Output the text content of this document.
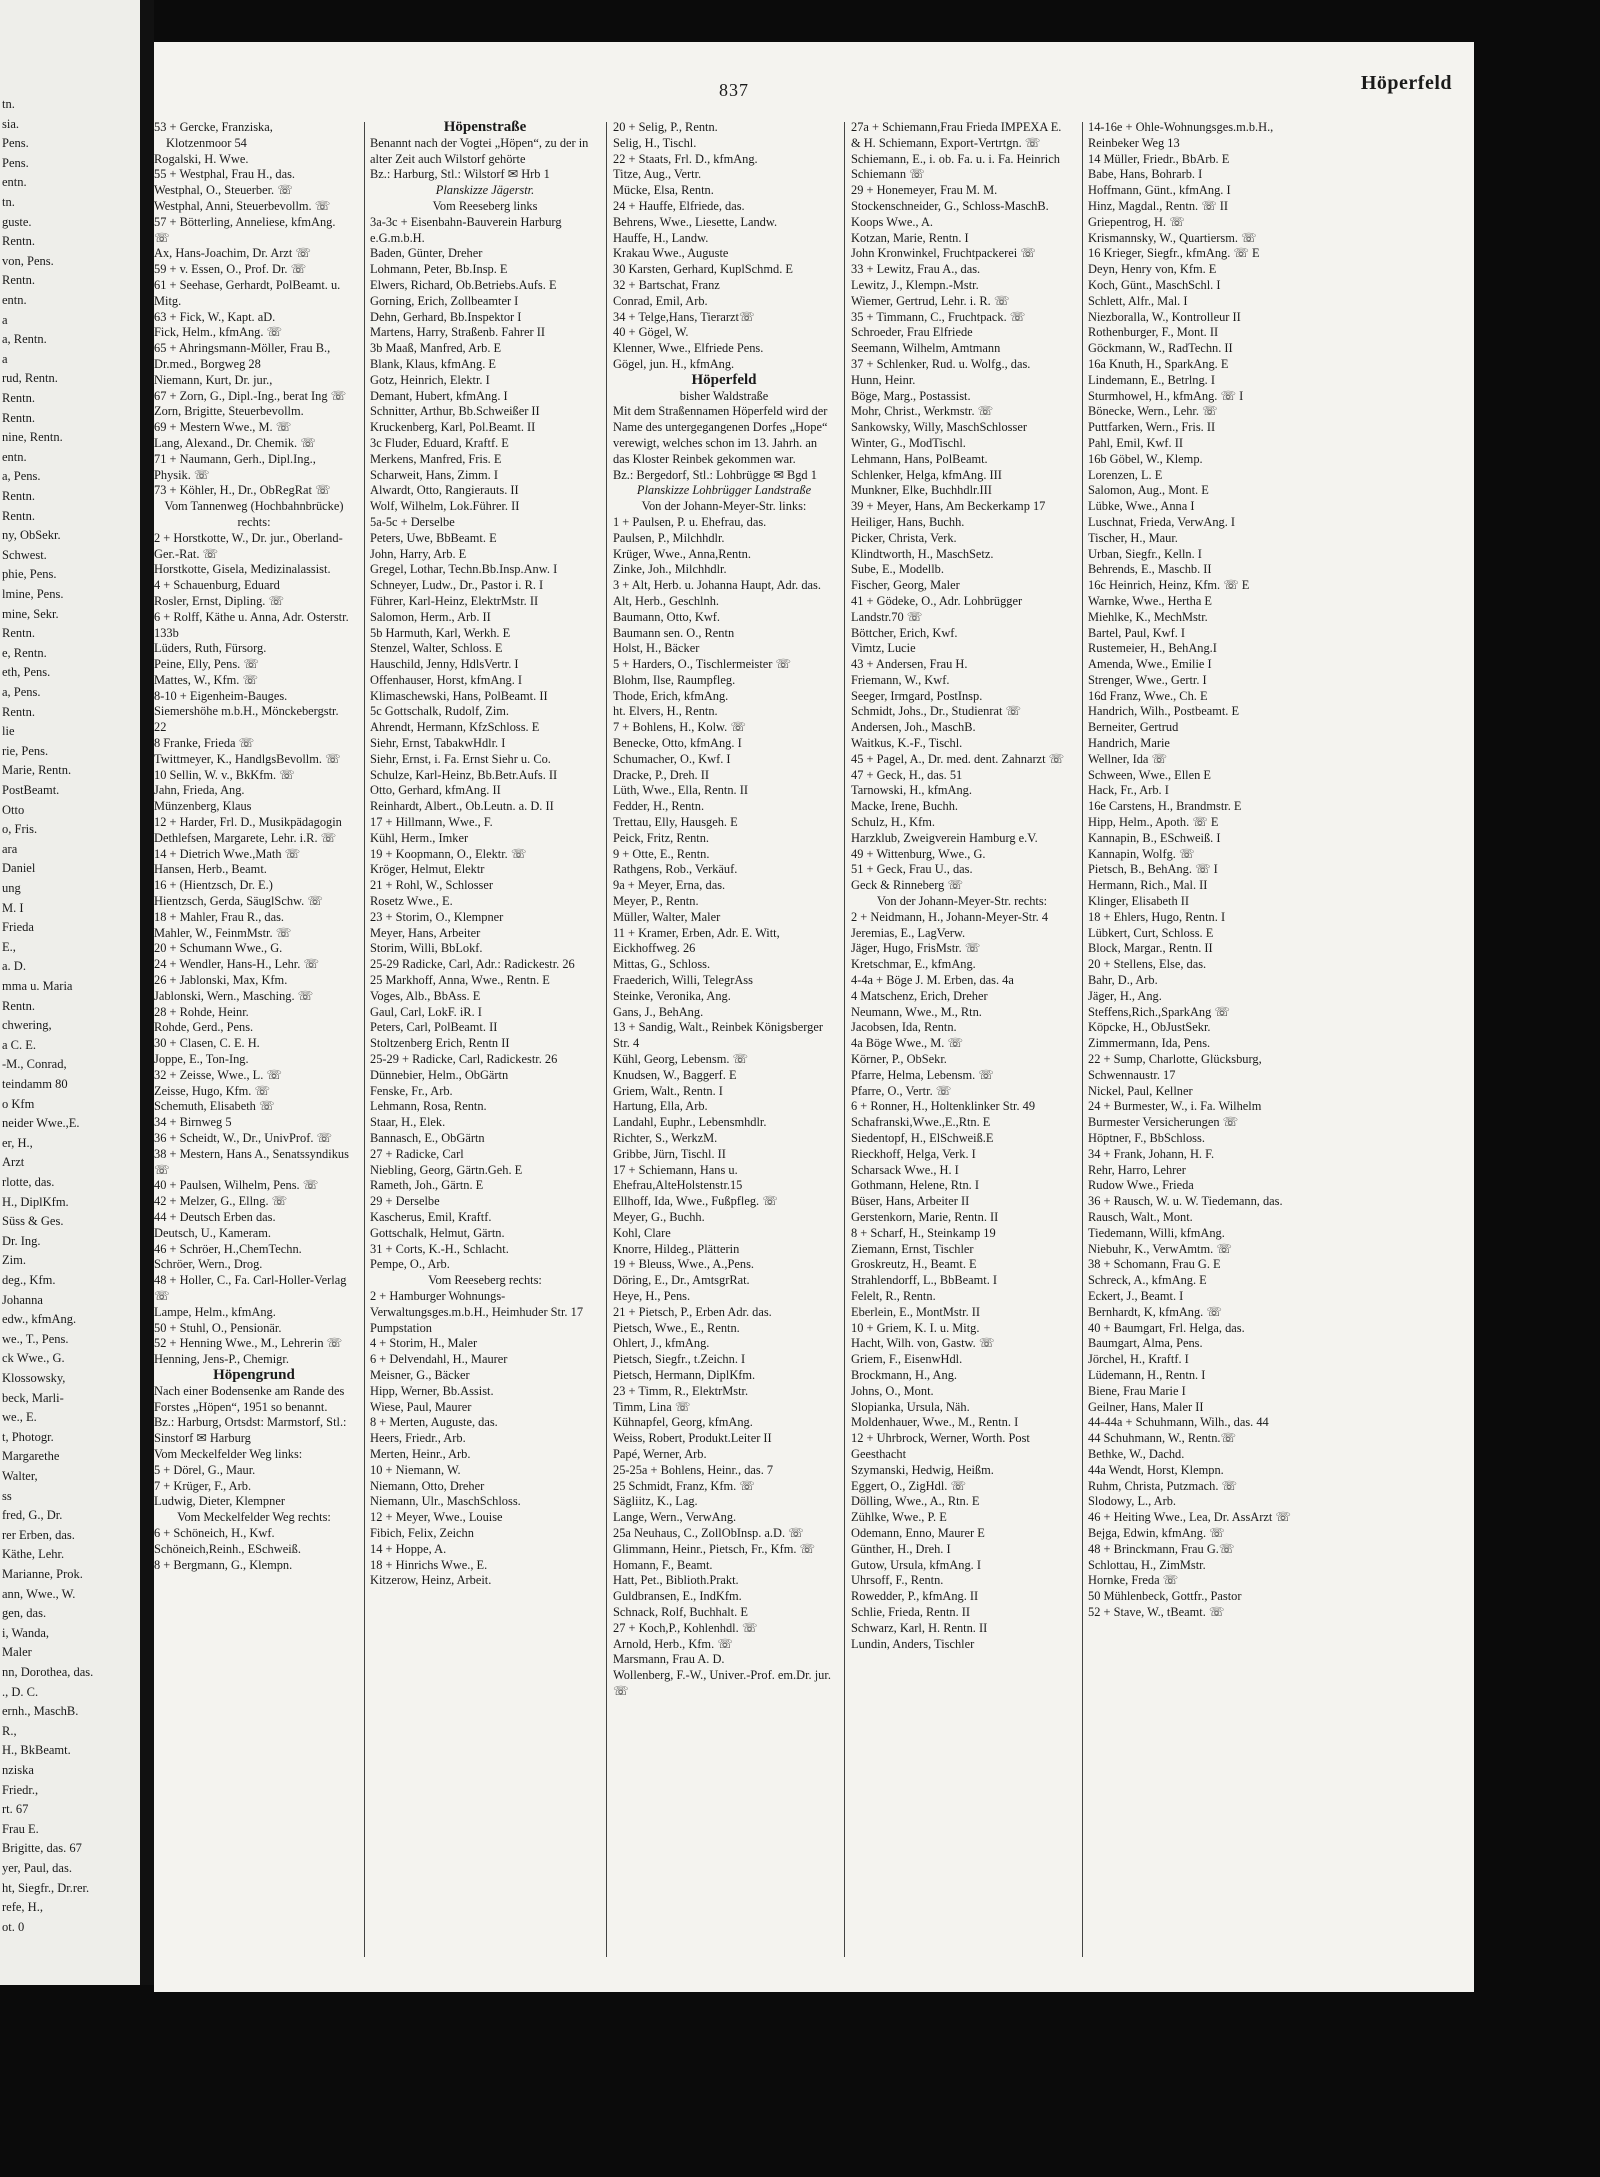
tn.
sia.
Pens.
Pens.
entn.
tn.
guste.
Rentn.
von, Pens.
Rentn.
entn.
a
a, Rentn.
a
rud, Rentn.
Rentn.
Rentn.
nine, Rentn.
entn.
a, Pens.
Rentn.
Rentn.
ny, ObSekr.
Schwest.
phie, Pens.
lmine, Pens.
mine, Sekr.
Rentn.
e, Rentn.
eth, Pens.
a, Pens.
Rentn.
lie
rie, Pens.
Marie, Rentn.
PostBeamt.
Otto
o, Fris.
ara
Daniel
ung
M. I
Frieda
E.,
a. D.
mma u. Maria
Rentn.
chwering,
a C. E.
-M., Conrad,
teindamm 80
o Kfm
neider Wwe.,E.
er, H.,
Arzt
rlotte, das.
H., DiplKfm.
Süss & Ges.
Dr. Ing.
Zim.
deg., Kfm.
Johanna
edw., kfmAng.
we., T., Pens.
ck Wwe., G.
Klossowsky,
beck, Marli-
we., E.
t, Photogr.
Margarethe
Walter,
ss
fred, G., Dr.
rer Erben, das.
Käthe, Lehr.
Marianne, Prok.
ann, Wwe., W.
gen, das.
i, Wanda,
Maler
nn, Dorothea, das.
., D. C.
ernh., MaschB.
R.,
H., BkBeamt.
nziska
Friedr.,
rt. 67
Frau E.
Brigitte, das. 67
yer, Paul, das.
ht, Siegfr., Dr.rer.
refe, H.,
ot. 0
837	Höperfeld

53 + Gercke, Franziska,

Klotzenmoor 54

Rogalski, H. Wwe.

55 + Westphal, Frau H., das.

Westphal, O., Steuerber. ☏

Westphal, Anni, Steuerbevollm. ☏

57 + Bötterling, Anneliese, kfmAng. ☏

Ax, Hans-Joachim, Dr. Arzt ☏

59 + v. Essen, O., Prof. Dr. ☏

61 + Seehase, Gerhardt, PolBeamt. u. Mitg.

63 + Fick, W., Kapt. aD.

Fick, Helm., kfmAng. ☏

65 + Ahringsmann-Möller, Frau B., Dr.med., Borgweg 28

Niemann, Kurt, Dr. jur.,

67 + Zorn, G., Dipl.-Ing., berat Ing ☏

Zorn, Brigitte, Steuerbevollm.

69 + Mestern Wwe., M. ☏

Lang, Alexand., Dr. Chemik. ☏

71 + Naumann, Gerh., Dipl.Ing., Physik. ☏

73 + Köhler, H., Dr., ObRegRat ☏

Vom Tannenweg (Hochbahnbrücke) rechts:

2 + Horstkotte, W., Dr. jur., Oberland-Ger.-Rat. ☏

Horstkotte, Gisela, Medizinalassist.

4 + Schauenburg, Eduard

Rosler, Ernst, Dipling. ☏

6 + Rolff, Käthe u. Anna, Adr. Osterstr. 133b

Lüders, Ruth, Fürsorg.

Peine, Elly, Pens. ☏

Mattes, W., Kfm. ☏

8-10 + Eigenheim-Bauges. Siemershöhe m.b.H., Mönckebergstr. 22

8 Franke, Frieda ☏

Twittmeyer, K., HandlgsBevollm. ☏

10 Sellin, W. v., BkKfm. ☏

Jahn, Frieda, Ang.

Münzenberg, Klaus

12 + Harder, Frl. D., Musikpädagogin

Dethlefsen, Margarete, Lehr. i.R. ☏

14 + Dietrich Wwe.,Math ☏

Hansen, Herb., Beamt.

16 + (Hientzsch, Dr. E.)

Hientzsch, Gerda, SäuglSchw. ☏

18 + Mahler, Frau R., das.

Mahler, W., FeinmMstr. ☏

20 + Schumann Wwe., G.

24 + Wendler, Hans-H., Lehr. ☏

26 + Jablonski, Max, Kfm.

Jablonski, Wern., Masching. ☏

28 + Rohde, Heinr.

Rohde, Gerd., Pens.

30 + Clasen, C. E. H.

Joppe, E., Ton-Ing.

32 + Zeisse, Wwe., L. ☏

Zeisse, Hugo, Kfm. ☏

Schemuth, Elisabeth ☏

34 + Birnweg 5

36 + Scheidt, W., Dr., UnivProf. ☏

38 + Mestern, Hans A., Senatssyndikus ☏

40 + Paulsen, Wilhelm, Pens. ☏

42 + Melzer, G., Ellng. ☏

44 + Deutsch Erben das.

Deutsch, U., Kameram.

46 + Schröer, H.,ChemTechn.

Schröer, Wern., Drog.

48 + Holler, C., Fa. Carl-Holler-Verlag ☏

Lampe, Helm., kfmAng.

50 + Stuhl, O., Pensionär.

52 + Henning Wwe., M., Lehrerin ☏

Henning, Jens-P., Chemigr.

Höpengrund

Nach einer Bodensenke am Rande des Forstes „Höpen“, 1951 so benannt.

Bz.: Harburg, Ortsdst: Marmstorf, Stl.: Sinstorf ✉ Harburg

Vom Meckelfelder Weg links:

5 + Dörel, G., Maur.

7 + Krüger, F., Arb.

Ludwig, Dieter, Klempner

Vom Meckelfelder Weg rechts:

6 + Schöneich, H., Kwf.

Schöneich,Reinh., ESchweiß.

8 + Bergmann, G., Klempn.

Höpenstraße

Benannt nach der Vogtei „Höpen“, zu der in alter Zeit auch Wilstorf gehörte

Bz.: Harburg, Stl.: Wilstorf ✉ Hrb 1

Planskizze Jägerstr.

Vom Reeseberg links

3a-3c + Eisenbahn-Bauverein Harburg e.G.m.b.H.

Baden, Günter, Dreher

Lohmann, Peter, Bb.Insp. E

Elwers, Richard, Ob.Betriebs.Aufs. E

Gorning, Erich, Zollbeamter I

Dehn, Gerhard, Bb.Inspektor I

Martens, Harry, Straßenb. Fahrer II

3b Maaß, Manfred, Arb. E

Blank, Klaus, kfmAng. E

Gotz, Heinrich, Elektr. I

Demant, Hubert, kfmAng. I

Schnitter, Arthur, Bb.Schweißer II

Kruckenberg, Karl, Pol.Beamt. II

3c Fluder, Eduard, Kraftf. E

Merkens, Manfred, Fris. E

Scharweit, Hans, Zimm. I

Alwardt, Otto, Rangierauts. II

Wolf, Wilhelm, Lok.Führer. II

5a-5c + Derselbe

Peters, Uwe, BbBeamt. E

John, Harry, Arb. E

Gregel, Lothar, Techn.Bb.Insp.Anw. I

Schneyer, Ludw., Dr., Pastor i. R. I

Führer, Karl-Heinz, ElektrMstr. II

Salomon, Herm., Arb. II

5b Harmuth, Karl, Werkh. E

Stenzel, Walter, Schloss. E

Hauschild, Jenny, HdlsVertr. I

Offenhauser, Horst, kfmAng. I

Klimaschewski, Hans, PolBeamt. II

5c Gottschalk, Rudolf, Zim.

Ahrendt, Hermann, KfzSchloss. E

Siehr, Ernst, TabakwHdlr. I

Siehr, Ernst, i. Fa. Ernst Siehr u. Co.

Schulze, Karl-Heinz, Bb.Betr.Aufs. II

Otto, Gerhard, kfmAng. II

Reinhardt, Albert., Ob.Leutn. a. D. II

17 + Hillmann, Wwe., F.

Kühl, Herm., Imker

19 + Koopmann, O., Elektr. ☏

Kröger, Helmut, Elektr

21 + Rohl, W., Schlosser

Rosetz Wwe., E.

23 + Storim, O., Klempner

Meyer, Hans, Arbeiter

Storim, Willi, BbLokf.

25-29 Radicke, Carl, Adr.: Radickestr. 26

25 Markhoff, Anna, Wwe., Rentn. E

Voges, Alb., BbAss. E

Gaul, Carl, LokF. iR. I

Peters, Carl, PolBeamt. II

Stoltzenberg Erich, Rentn II

25-29 + Radicke, Carl, Radickestr. 26

Dünnebier, Helm., ObGärtn

Fenske, Fr., Arb.

Lehmann, Rosa, Rentn.

Staar, H., Elek.

Bannasch, E., ObGärtn

27 + Radicke, Carl

Niebling, Georg, Gärtn.Geh. E

Rameth, Joh., Gärtn. E

29 + Derselbe

Kascherus, Emil, Kraftf.

Gottschalk, Helmut, Gärtn.

31 + Corts, K.-H., Schlacht.

Pempe, O., Arb.

Vom Reeseberg rechts:

2 + Hamburger Wohnungs-Verwaltungsges.m.b.H., Heimhuder Str. 17

Pumpstation

4 + Storim, H., Maler

6 + Delvendahl, H., Maurer

Meisner, G., Bäcker

Hipp, Werner, Bb.Assist.

Wiese, Paul, Maurer

8 + Merten, Auguste, das.

Heers, Friedr., Arb.

Merten, Heinr., Arb.

10 + Niemann, W.

Niemann, Otto, Dreher

Niemann, Ulr., MaschSchloss.

12 + Meyer, Wwe., Louise

Fibich, Felix, Zeichn

14 + Hoppe, A.

18 + Hinrichs Wwe., E.

Kitzerow, Heinz, Arbeit.

20 + Selig, P., Rentn.

Selig, H., Tischl.

22 + Staats, Frl. D., kfmAng.

Titze, Aug., Vertr.

Mücke, Elsa, Rentn.

24 + Hauffe, Elfriede, das.

Behrens, Wwe., Liesette, Landw.

Hauffe, H., Landw.

Krakau Wwe., Auguste

30 Karsten, Gerhard, KuplSchmd. E

32 + Bartschat, Franz

Conrad, Emil, Arb.

34 + Telge,Hans, Tierarzt☏

40 + Gögel, W.

Klenner, Wwe., Elfriede Pens.

Gögel, jun. H., kfmAng.

Höperfeld

bisher Waldstraße

Mit dem Straßennamen Höperfeld wird der Name des untergegangenen Dorfes „Hope“ verewigt, welches schon im 13. Jahrh. an das Kloster Reinbek gekommen war.

Bz.: Bergedorf, Stl.: Lohbrügge ✉ Bgd 1

Planskizze Lohbrügger Landstraße

Von der Johann-Meyer-Str. links:

1 + Paulsen, P. u. Ehefrau, das.

Paulsen, P., Milchhdlr.

Krüger, Wwe., Anna,Rentn.

Zinke, Joh., Milchhdlr.

3 + Alt, Herb. u. Johanna Haupt, Adr. das.

Alt, Herb., Geschlnh.

Baumann, Otto, Kwf.

Baumann sen. O., Rentn

Holst, H., Bäcker

5 + Harders, O., Tischlermeister ☏

Blohm, Ilse, Raumpfleg.

Thode, Erich, kfmAng.

ht. Elvers, H., Rentn.

7 + Bohlens, H., Kolw. ☏

Benecke, Otto, kfmAng. I

Schumacher, O., Kwf. I

Dracke, P., Dreh. II

Lüth, Wwe., Ella, Rentn. II

Fedder, H., Rentn.

Trettau, Elly, Hausgeh. E

Peick, Fritz, Rentn.

9 + Otte, E., Rentn.

Rathgens, Rob., Verkäuf.

9a + Meyer, Erna, das.

Meyer, P., Rentn.

Müller, Walter, Maler

11 + Kramer, Erben, Adr. E. Witt, Eickhoffweg. 26

Mittas, G., Schloss.

Fraederich, Willi, TelegrAss

Steinke, Veronika, Ang.

Gans, J., BehAng.

13 + Sandig, Walt., Reinbek Königsberger Str. 4

Kühl, Georg, Lebensm. ☏

Knudsen, W., Baggerf. E

Griem, Walt., Rentn. I

Hartung, Ella, Arb.

Landahl, Euphr., Lebensmhdlr.

Richter, S., WerkzM.

Gribbe, Jürn, Tischl. II

17 + Schiemann, Hans u. Ehefrau,AlteHolstenstr.15

Ellhoff, Ida, Wwe., Fußpfleg. ☏

Meyer, G., Buchh.

Kohl, Clare

Knorre, Hildeg., Plätterin

19 + Bleuss, Wwe., A.,Pens.

Döring, E., Dr., AmtsgrRat.

Heye, H., Pens.

21 + Pietsch, P., Erben Adr. das.

Pietsch, Wwe., E., Rentn.

Ohlert, J., kfmAng.

Pietsch, Siegfr., t.Zeichn. I

Pietsch, Hermann, DiplKfm.

23 + Timm, R., ElektrMstr.

Timm, Lina ☏

Kühnapfel, Georg, kfmAng.

Weiss, Robert, Produkt.Leiter II

Papé, Werner, Arb.

25-25a + Bohlens, Heinr., das. 7

25 Schmidt, Franz, Kfm. ☏

Sägliitz, K., Lag.

Lange, Wern., VerwAng.

25a Neuhaus, C., ZollObInsp. a.D. ☏

Glimmann, Heinr., Pietsch, Fr., Kfm. ☏

Homann, F., Beamt.

Hatt, Pet., Biblioth.Prakt.

Guldbransen, E., IndKfm.

Schnack, Rolf, Buchhalt. E

27 + Koch,P., Kohlenhdl. ☏

Arnold, Herb., Kfm. ☏

Marsmann, Frau A. D.

Wollenberg, F.-W., Univer.-Prof. em.Dr. jur. ☏

27a + Schiemann,Frau Frieda IMPEXA E. & H. Schiemann, Export-Vertrtgn. ☏

Schiemann, E., i. ob. Fa. u. i. Fa. Heinrich Schiemann ☏

29 + Honemeyer, Frau M. M.

Stockenschneider, G., Schloss-MaschB.

Koops Wwe., A.

Kotzan, Marie, Rentn. I

John Kronwinkel, Fruchtpackerei ☏

33 + Lewitz, Frau A., das.

Lewitz, J., Klempn.-Mstr.

Wiemer, Gertrud, Lehr. i. R. ☏

35 + Timmann, C., Fruchtpack. ☏

Schroeder, Frau Elfriede

Seemann, Wilhelm, Amtmann

37 + Schlenker, Rud. u. Wolfg., das.

Hunn, Heinr.

Böge, Marg., Postassist.

Mohr, Christ., Werkmstr. ☏

Sankowsky, Willy, MaschSchlosser

Winter, G., ModTischl.

Lehmann, Hans, PolBeamt.

Schlenker, Helga, kfmAng. III

Munkner, Elke, Buchhdlr.III

39 + Meyer, Hans, Am Beckerkamp 17

Heiliger, Hans, Buchh.

Picker, Christa, Verk.

Klindtworth, H., MaschSetz.

Sube, E., Modellb.

Fischer, Georg, Maler

41 + Gödeke, O., Adr. Lohbrügger Landstr.70 ☏

Böttcher, Erich, Kwf.

Vimtz, Lucie

43 + Andersen, Frau H.

Friemann, W., Kwf.

Seeger, Irmgard, PostInsp.

Schmidt, Johs., Dr., Studienrat ☏

Andersen, Joh., MaschB.

Waitkus, K.-F., Tischl.

45 + Pagel, A., Dr. med. dent. Zahnarzt ☏

47 + Geck, H., das. 51

Tarnowski, H., kfmAng.

Macke, Irene, Buchh.

Schulz, H., Kfm.

Harzklub, Zweigverein Hamburg e.V.

49 + Wittenburg, Wwe., G.

51 + Geck, Frau U., das.

Geck & Rinneberg ☏

Von der Johann-Meyer-Str. rechts:

2 + Neidmann, H., Johann-Meyer-Str. 4

Jeremias, E., LagVerw.

Jäger, Hugo, FrisMstr. ☏

Kretschmar, E., kfmAng.

4-4a + Böge J. M. Erben, das. 4a

4 Matschenz, Erich, Dreher

Neumann, Wwe., M., Rtn.

Jacobsen, Ida, Rentn.

4a Böge Wwe., M. ☏

Körner, P., ObSekr.

Pfarre, Helma, Lebensm. ☏

Pfarre, O., Vertr. ☏

6 + Ronner, H., Holtenklinker Str. 49

Schafranski,Wwe.,E.,Rtn. E

Siedentopf, H., ElSchweiß.E

Rieckhoff, Helga, Verk. I

Scharsack Wwe., H. I

Gothmann, Helene, Rtn. I

Büser, Hans, Arbeiter II

Gerstenkorn, Marie, Rentn. II

8 + Scharf, H., Steinkamp 19

Ziemann, Ernst, Tischler

Groskreutz, H., Beamt. E

Strahlendorff, L., BbBeamt. I

Felelt, R., Rentn.

Eberlein, E., MontMstr. II

10 + Griem, K. I. u. Mitg.

Hacht, Wilh. von, Gastw. ☏

Griem, F., EisenwHdl.

Brockmann, H., Ang.

Johns, O., Mont.

Slopianka, Ursula, Näh.

Moldenhauer, Wwe., M., Rentn. I

12 + Uhrbrock, Werner, Worth. Post Geesthacht

Szymanski, Hedwig, Heißm.

Eggert, O., ZigHdl. ☏

Dölling, Wwe., A., Rtn. E

Zühlke, Wwe., P. E

Odemann, Enno, Maurer E

Günther, H., Dreh. I

Gutow, Ursula, kfmAng. I

Uhrsoff, F., Rentn.

Rowedder, P., kfmAng. II

Schlie, Frieda, Rentn. II

Schwarz, Karl, H. Rentn. II

Lundin, Anders, Tischler

14-16e + Ohle-Wohnungsges.m.b.H., Reinbeker Weg 13

14 Müller, Friedr., BbArb. E

Babe, Hans, Bohrarb. I

Hoffmann, Günt., kfmAng. I

Hinz, Magdal., Rentn. ☏ II

Griepentrog, H. ☏

Krismannsky, W., Quartiersm. ☏

16 Krieger, Siegfr., kfmAng. ☏ E

Deyn, Henry von, Kfm. E

Koch, Günt., MaschSchl. I

Schlett, Alfr., Mal. I

Niezboralla, W., Kontrolleur II

Rothenburger, F., Mont. II

Göckmann, W., RadTechn. II

16a Knuth, H., SparkAng. E

Lindemann, E., Betrlng. I

Sturmhowel, H., kfmAng. ☏ I

Bönecke, Wern., Lehr. ☏

Puttfarken, Wern., Fris. II

Pahl, Emil, Kwf. II

16b Göbel, W., Klemp.

Lorenzen, L. E

Salomon, Aug., Mont. E

Lübke, Wwe., Anna I

Luschnat, Frieda, VerwAng. I

Tischer, H., Maur.

Urban, Siegfr., Kelln. I

Behrends, E., Maschb. II

16c Heinrich, Heinz, Kfm. ☏ E

Warnke, Wwe., Hertha E

Miehlke, K., MechMstr.

Bartel, Paul, Kwf. I

Rustemeier, H., BehAng.I

Amenda, Wwe., Emilie I

Strenger, Wwe., Gertr. I

16d Franz, Wwe., Ch. E

Handrich, Wilh., Postbeamt. E

Berneiter, Gertrud

Handrich, Marie

Wellner, Ida ☏

Schween, Wwe., Ellen E

Hack, Fr., Arb. I

16e Carstens, H., Brandmstr. E

Hipp, Helm., Apoth. ☏ E

Kannapin, B., ESchweiß. I

Kannapin, Wolfg. ☏

Pietsch, B., BehAng. ☏ I

Hermann, Rich., Mal. II

Klinger, Elisabeth II

18 + Ehlers, Hugo, Rentn. I

Lübkert, Curt, Schloss. E

Block, Margar., Rentn. II

20 + Stellens, Else, das.

Bahr, D., Arb.

Jäger, H., Ang.

Steffens,Rich.,SparkAng ☏

Köpcke, H., ObJustSekr.

Zimmermann, Ida, Pens.

22 + Sump, Charlotte, Glücksburg, Schwennaustr. 17

Nickel, Paul, Kellner

24 + Burmester, W., i. Fa. Wilhelm Burmester Versicherungen ☏

Höptner, F., BbSchloss.

34 + Frank, Johann, H. F.

Rehr, Harro, Lehrer

Rudow Wwe., Frieda

36 + Rausch, W. u. W. Tiedemann, das.

Rausch, Walt., Mont.

Tiedemann, Willi, kfmAng.

Niebuhr, K., VerwAmtm. ☏

38 + Schomann, Frau G. E

Schreck, A., kfmAng. E

Eckert, J., Beamt. I

Bernhardt, K, kfmAng. ☏

40 + Baumgart, Frl. Helga, das.

Baumgart, Alma, Pens.

Jörchel, H., Kraftf. I

Lüdemann, H., Rentn. I

Biene, Frau Marie I

Geilner, Hans, Maler II

44-44a + Schuhmann, Wilh., das. 44

44 Schuhmann, W., Rentn.☏

Bethke, W., Dachd.

44a Wendt, Horst, Klempn.

Ruhm, Christa, Putzmach. ☏

Slodowy, L., Arb.

46 + Heiting Wwe., Lea, Dr. AssArzt ☏

Bejga, Edwin, kfmAng. ☏

48 + Brinckmann, Frau G.☏

Schlottau, H., ZimMstr.

Hornke, Freda ☏

50 Mühlenbeck, Gottfr., Pastor

52 + Stave, W., tBeamt. ☏
